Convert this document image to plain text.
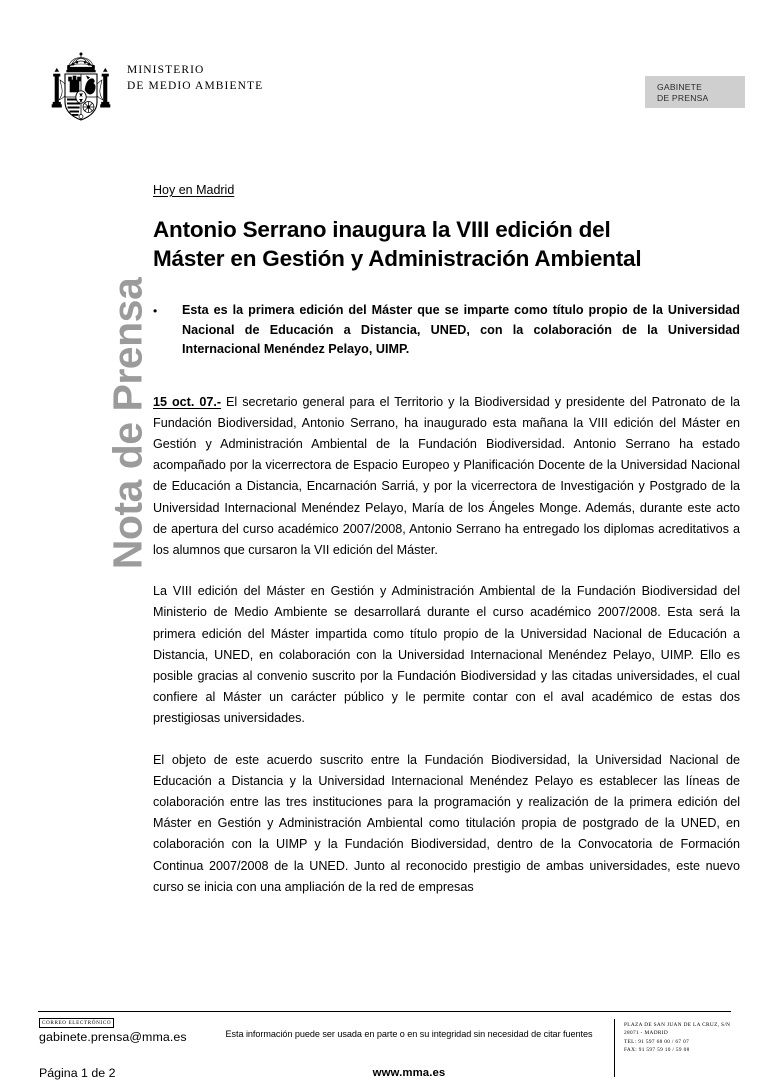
MINISTERIO
DE MEDIO AMBIENTE	GABINETE
DE PRENSA
Nota de Prensa
Hoy en Madrid
Antonio Serrano inaugura la VIII edición del
Máster en Gestión y Administración Ambiental
•	Esta es la primera edición del Máster que se imparte como título propio de la Universidad Nacional de Educación a Distancia, UNED, con la colaboración de la Universidad Internacional Menéndez Pelayo, UIMP.

15 oct. 07.- El secretario general para el Territorio y la Biodiversidad y presidente del Patronato de la Fundación Biodiversidad, Antonio Serrano, ha inaugurado esta mañana la VIII edición del Máster en Gestión y Administración Ambiental de la Fundación Biodiversidad. Antonio Serrano ha estado acompañado por la vicerrectora de Espacio Europeo y Planificación Docente de la Universidad Nacional de Educación a Distancia, Encarnación Sarriá, y por la vicerrectora de Investigación y Postgrado de la Universidad Internacional Menéndez Pelayo, María de los Ángeles Monge. Además, durante este acto de apertura del curso académico 2007/2008, Antonio Serrano ha entregado los diplomas acreditativos a los alumnos que cursaron la VII edición del Máster.

La VIII edición del Máster en Gestión y Administración Ambiental de la Fundación Biodiversidad del Ministerio de Medio Ambiente se desarrollará durante el curso académico 2007/2008. Esta será la primera edición del Máster impartida como título propio de la Universidad Nacional de Educación a Distancia, UNED, en colaboración con la Universidad Internacional Menéndez Pelayo, UIMP. Ello es posible gracias al convenio suscrito por la Fundación Biodiversidad y las citadas universidades, el cual confiere al Máster un carácter público y le permite contar con el aval académico de estas dos prestigiosas universidades.

El objeto de este acuerdo suscrito entre la Fundación Biodiversidad, la Universidad Nacional de Educación a Distancia y la Universidad Internacional Menéndez Pelayo es establecer las líneas de colaboración entre las tres instituciones para la programación y realización de la primera edición del Máster en Gestión y Administración Ambiental como titulación propia de postgrado de la UNED, en colaboración con la UIMP y la Fundación Biodiversidad, dentro de la Convocatoria de Formación Continua 2007/2008 de la UNED. Junto al reconocido prestigio de ambas universidades, este nuevo curso se inicia con una ampliación de la red de empresas

CORREO ELECTRÓNICO
gabinete.prensa@mma.es
Página 1 de 2
Esta información puede ser usada en parte o en su integridad sin necesidad de citar fuentes
www.mma.es
PLAZA DE SAN JUAN DE LA CRUZ, S/N
28071 - MADRID
TEL: 91 597 68 00 / 67 07
FAX: 91 597 59 10 / 59 08
